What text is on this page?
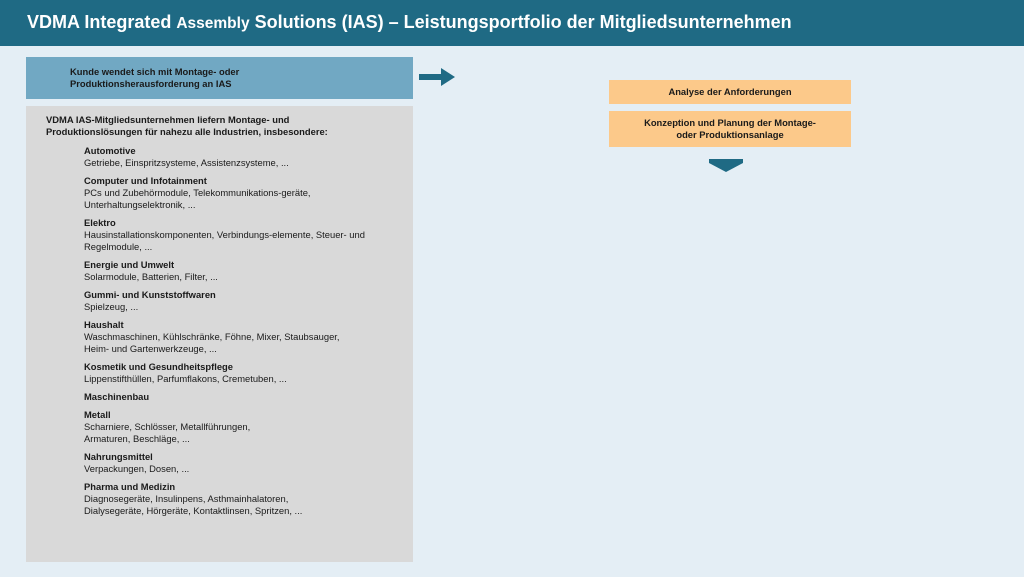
VDMA Integrated Assembly Solutions (IAS) – Leistungsportfolio der Mitgliedsunternehmen
Kunde wendet sich mit Montage- oder Produktionsherausforderung an IAS
VDMA IAS-Mitgliedsunternehmen liefern Montage- und Produktionslösungen für nahezu alle Industrien, insbesondere:
Automotive
Getriebe, Einspritzsysteme, Assistenzsysteme, ...
Computer und Infotainment
PCs und Zubehörmodule, Telekommunikations-geräte, Unterhaltungselektronik, ...
Elektro
Hausinstallationskomponenten, Verbindungs-elemente, Steuer- und Regelmodule, ...
Energie und Umwelt
Solarmodule, Batterien, Filter, ...
Gummi- und Kunststoffwaren
Spielzeug, ...
Haushalt
Waschmaschinen, Kühlschränke, Föhne, Mixer, Staubsauger, Heim- und Gartenwerkzeuge, ...
Kosmetik und Gesundheitspflege
Lippenstifthüllen, Parfumflakons, Cremetuben, ...
Maschinenbau
Metall
Scharniere, Schlösser, Metallführungen, Armaturen, Beschläge, ...
Nahrungsmittel
Verpackungen, Dosen, ...
Pharma und Medizin
Diagnosegeräte, Insulinpens, Asthmainhalatoren, Dialysegeräte, Hörgeräte, Kontaktlinsen, Spritzen, ...
Analyse der Anforderungen
Konzeption und Planung der Montage- oder Produktionsanlage
